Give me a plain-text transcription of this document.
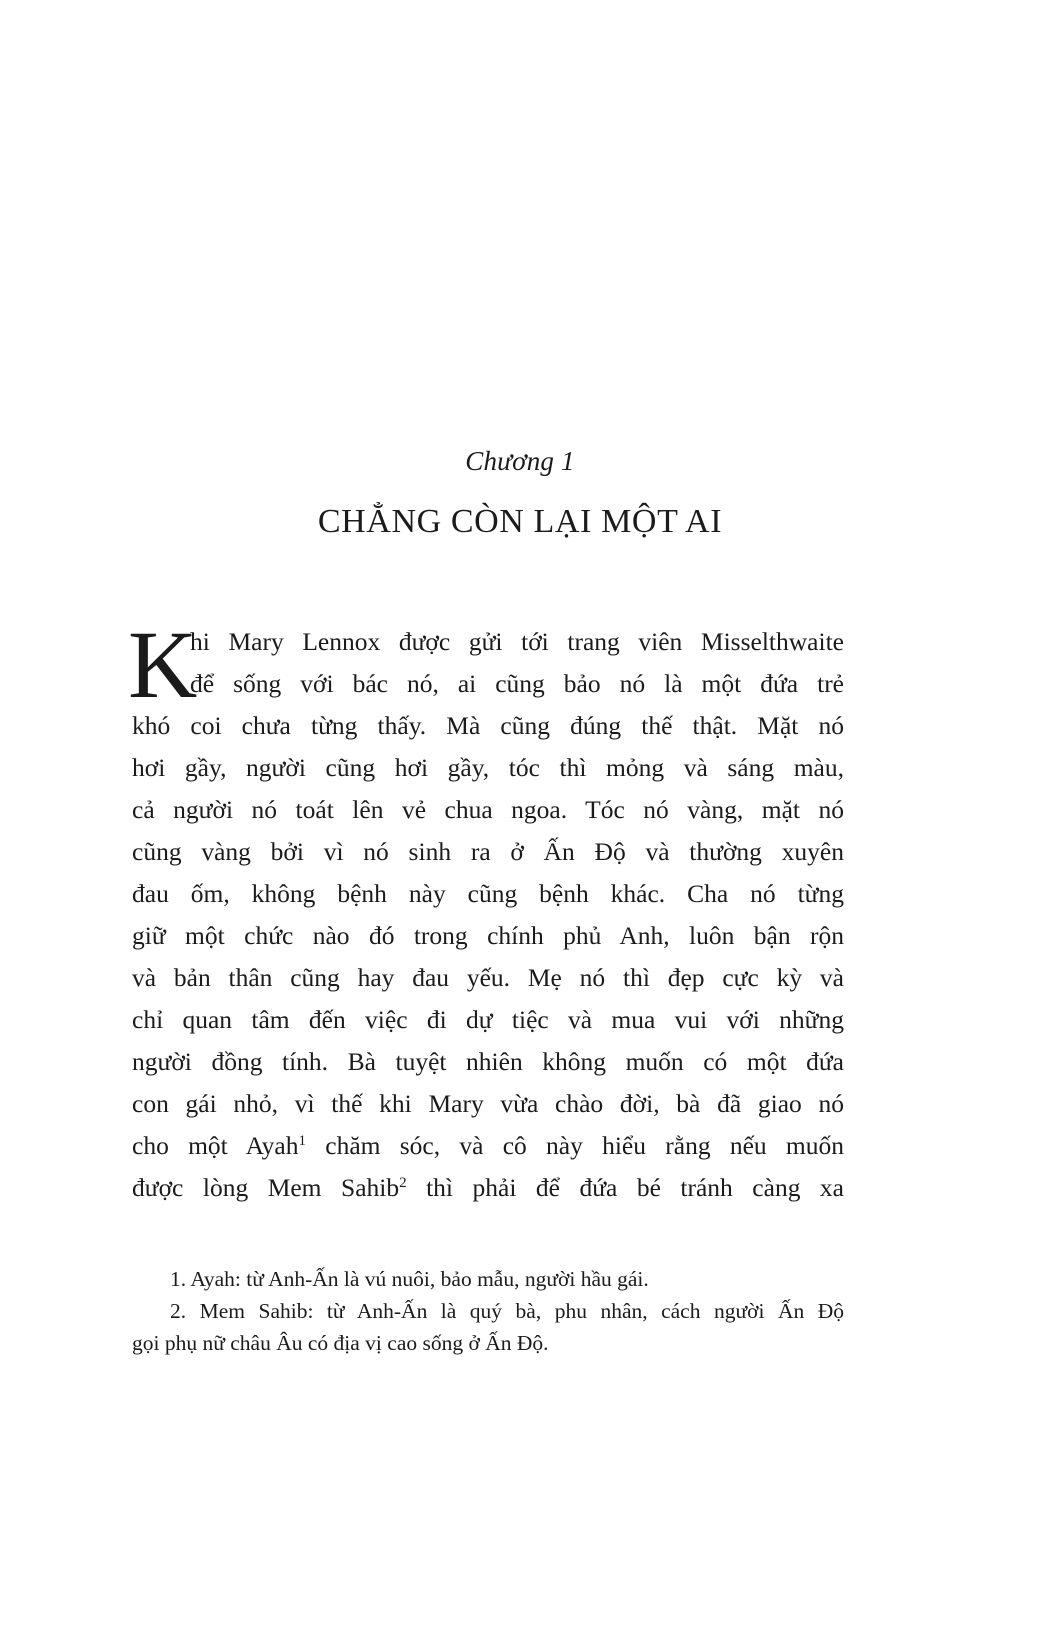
Chương 1
CHẲNG CÒN LẠI MỘT AI
K
hi Mary Lennox được gửi tới trang viên Misselthwaite
để sống với bác nó, ai cũng bảo nó là một đứa trẻ
khó coi chưa từng thấy. Mà cũng đúng thế thật. Mặt nó
hơi gầy, người cũng hơi gầy, tóc thì mỏng và sáng màu,
cả người nó toát lên vẻ chua ngoa. Tóc nó vàng, mặt nó
cũng vàng bởi vì nó sinh ra ở Ấn Độ và thường xuyên
đau ốm, không bệnh này cũng bệnh khác. Cha nó từng
giữ một chức nào đó trong chính phủ Anh, luôn bận rộn
và bản thân cũng hay đau yếu. Mẹ nó thì đẹp cực kỳ và
chỉ quan tâm đến việc đi dự tiệc và mua vui với những
người đồng tính. Bà tuyệt nhiên không muốn có một đứa
con gái nhỏ, vì thế khi Mary vừa chào đời, bà đã giao nó
cho một Ayah$^1$ chăm sóc, và cô này hiểu rằng nếu muốn
được lòng Mem Sahib$^2$ thì phải để đứa bé tránh càng xa
1. Ayah: từ Anh-Ấn là vú nuôi, bảo mẫu, người hầu gái.
2. Mem Sahib: từ Anh-Ấn là quý bà, phu nhân, cách người Ấn Độ
gọi phụ nữ châu Âu có địa vị cao sống ở Ấn Độ.
